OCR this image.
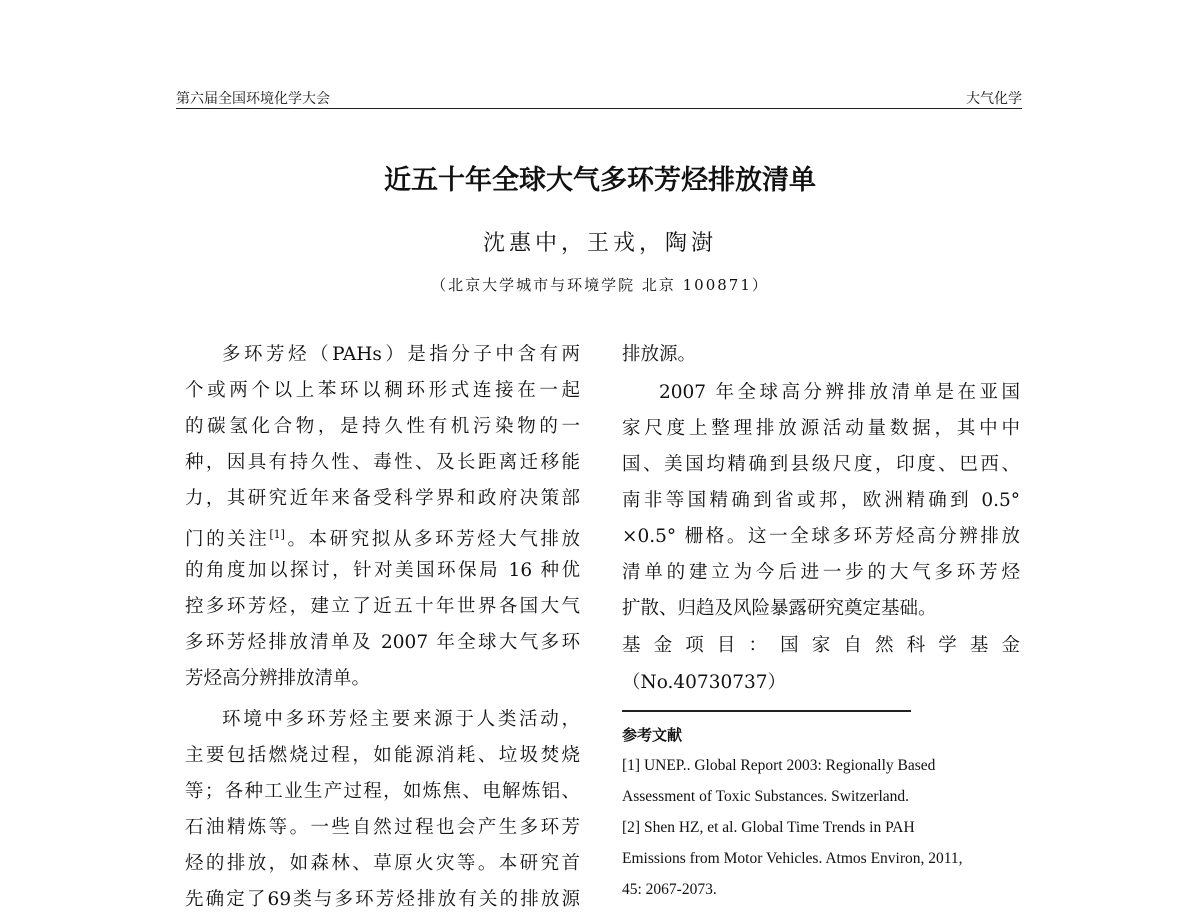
第六届全国环境化学大会	大气化学
近五十年全球大气多环芳烃排放清单
沈惠中，王戎，陶澍
（北京大学城市与环境学院 北京 100871）
多环芳烃（PAHs）是指分子中含有两
个或两个以上苯环以稠环形式连接在一起
的碳氢化合物，是持久性有机污染物的一
种，因具有持久性、毒性、及长距离迁移能
力，其研究近年来备受科学界和政府决策部
门的关注[1]。本研究拟从多环芳烃大气排放
的角度加以探讨，针对美国环保局 16 种优
控多环芳烃，建立了近五十年世界各国大气
多环芳烃排放清单及 2007 年全球大气多环
芳烃高分辨排放清单。
环境中多环芳烃主要来源于人类活动，
主要包括燃烧过程，如能源消耗、垃圾焚烧
等；各种工业生产过程，如炼焦、电解炼铝、
石油精炼等。一些自然过程也会产生多环芳
烃的排放，如森林、草原火灾等。本研究首
先确定了69类与多环芳烃排放有关的排放源
排放源。
2007 年全球高分辨排放清单是在亚国
家尺度上整理排放源活动量数据，其中中
国、美国均精确到县级尺度，印度、巴西、
南非等国精确到省或邦，欧洲精确到 0.5°
×0.5° 栅格。这一全球多环芳烃高分辨排放
清单的建立为今后进一步的大气多环芳烃
扩散、归趋及风险暴露研究奠定基础。
基 金 项 目 ： 国 家 自 然 科 学 基 金
（No.40730737）
参考文献
[1] UNEP.. Global Report 2003: Regionally Based
Assessment of Toxic Substances. Switzerland.
[2] Shen HZ, et al. Global Time Trends in PAH
Emissions from Motor Vehicles. Atmos Environ, 2011,
45: 2067-2073.
